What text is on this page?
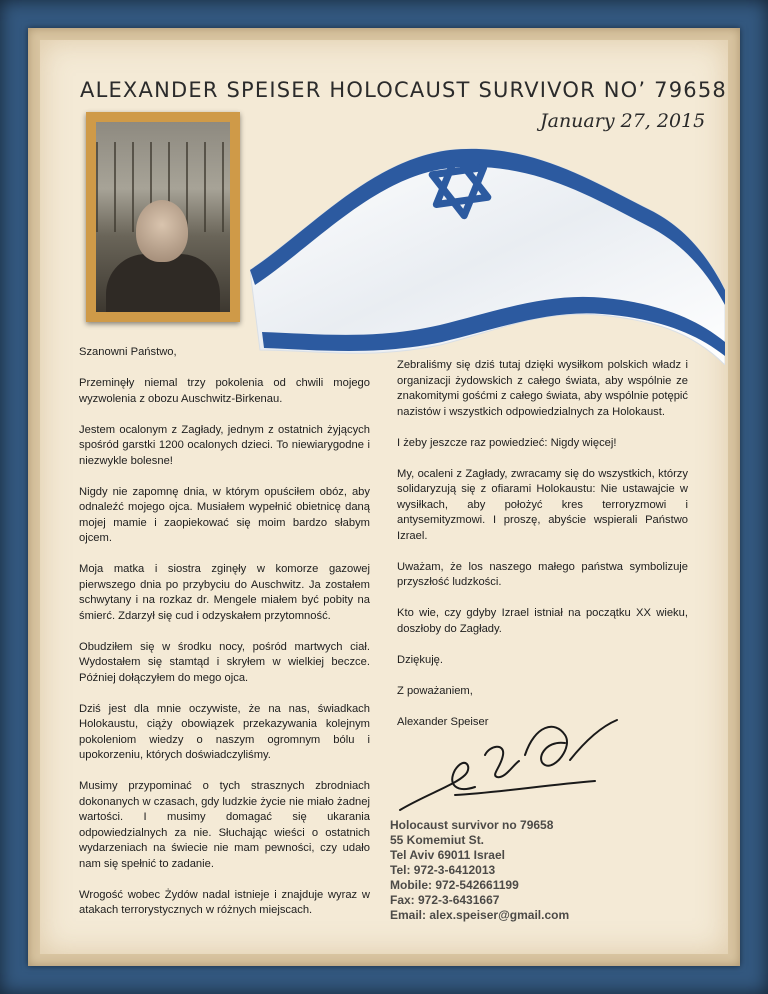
ALEXANDER SPEISER HOLOCAUST SURVIVOR NO’ 79658
January 27, 2015

Szanowni Państwo,

Przeminęły niemal trzy pokolenia od chwili mojego wyzwolenia z obozu Auschwitz-Birkenau.

Jestem ocalonym z Zagłady, jednym z ostatnich żyjących spośród garstki 1200 ocalonych dzieci. To niewiarygodne i niezwykle bolesne!

Nigdy nie zapomnę dnia, w którym opuściłem obóz, aby odnaleźć mojego ojca. Musiałem wypełnić obietnicę daną mojej mamie i zaopiekować się moim bardzo słabym ojcem.

Moja matka i siostra zginęły w komorze gazowej pierwszego dnia po przybyciu do Auschwitz. Ja zostałem schwytany i na rozkaz dr. Mengele miałem być pobity na śmierć. Zdarzył się cud i odzyskałem przytomność.

Obudziłem się w środku nocy, pośród martwych ciał. Wydostałem się stamtąd i skryłem w wielkiej beczce. Później dołączyłem do mego ojca.

Dziś jest dla mnie oczywiste, że na nas, świadkach Holokaustu, ciąży obowiązek przekazywania kolejnym pokoleniom wiedzy o naszym ogromnym bólu i upokorzeniu, których doświadczyliśmy.

Musimy przypominać o tych strasznych zbrodniach dokonanych w czasach, gdy ludzkie życie nie miało żadnej wartości. I musimy domagać się ukarania odpowiedzialnych za nie. Słuchając wieści o ostatnich wydarzeniach na świecie nie mam pewności, czy udało nam się spełnić to zadanie.

Wrogość wobec Żydów nadal istnieje i znajduje wyraz w atakach terrorystycznych w różnych miejscach.

Zebraliśmy się dziś tutaj dzięki wysiłkom polskich władz i organizacji żydowskich z całego świata, aby wspólnie ze znakomitymi gośćmi z całego świata, aby wspólnie potępić nazistów i wszystkich odpowiedzialnych za Holokaust.

I żeby jeszcze raz powiedzieć: Nigdy więcej!

My, ocaleni z Zagłady, zwracamy się do wszystkich, którzy solidaryzują się z ofiarami Holokaustu: Nie ustawajcie w wysiłkach, aby położyć kres terroryzmowi i antysemityzmowi. I proszę, abyście wspierali Państwo Izrael.

Uważam, że los naszego małego państwa symbolizuje przyszłość ludzkości.

Kto wie, czy gdyby Izrael istniał na początku XX wieku, doszłoby do Zagłady.

Dziękuję.

Z poważaniem,

Alexander Speiser

Holocaust survivor no 79658
55 Komemiut St.
Tel Aviv 69011 Israel
Tel: 972-3-6412013
Mobile: 972-542661199
Fax: 972-3-6431667
Email: alex.speiser@gmail.com
